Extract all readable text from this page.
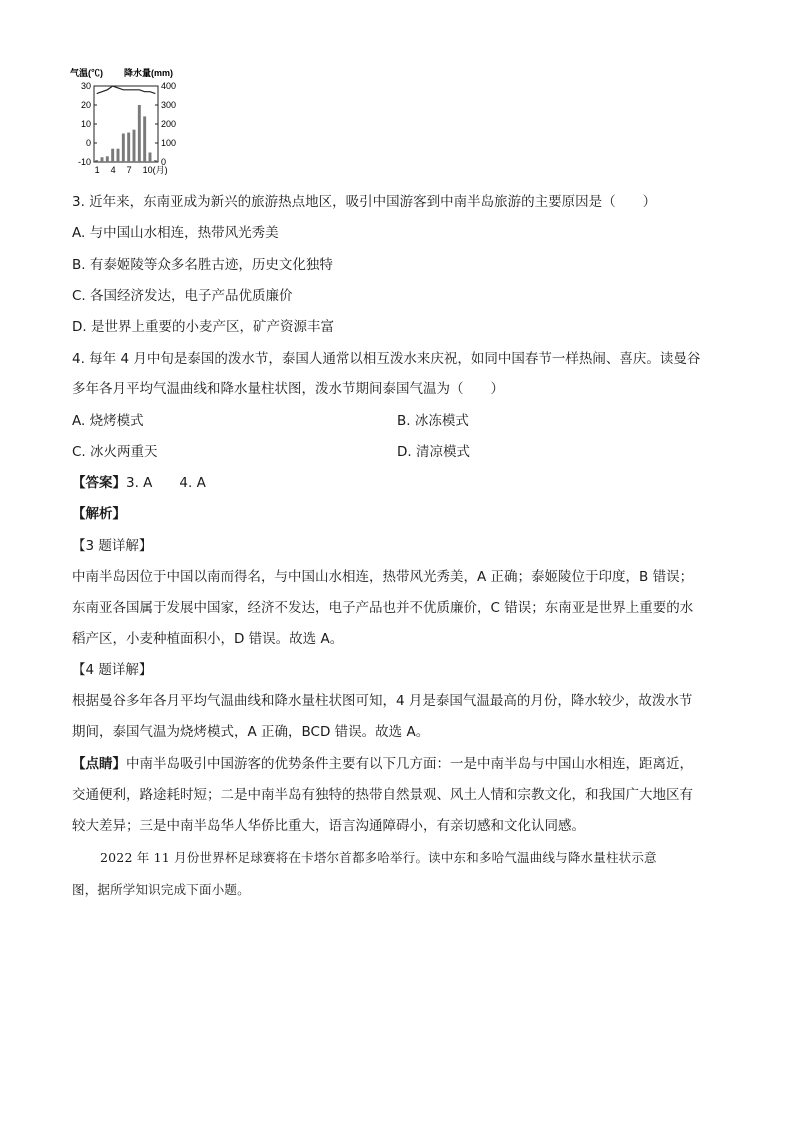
气温(℃) 降水量(mm)
30
20
10
0
-10
400
300
200
100
0
1 4 7 10(月)
3. 近年来，东南亚成为新兴的旅游热点地区，吸引中国游客到中南半岛旅游的主要原因是（　　）
A. 与中国山水相连，热带风光秀美
B. 有泰姬陵等众多名胜古迹，历史文化独特
C. 各国经济发达，电子产品优质廉价
D. 是世界上重要的小麦产区，矿产资源丰富
4. 每年 4 月中旬是泰国的泼水节，泰国人通常以相互泼水来庆祝，如同中国春节一样热闹、喜庆。读曼谷
多年各月平均气温曲线和降水量柱状图，泼水节期间泰国气温为（　　）
A. 烧烤模式	B. 冰冻模式
C. 冰火两重天	D. 清凉模式
【答案】3. A　　4. A
【解析】
【3 题详解】
中南半岛因位于中国以南而得名，与中国山水相连，热带风光秀美，A 正确；泰姬陵位于印度，B 错误；
东南亚各国属于发展中国家，经济不发达，电子产品也并不优质廉价，C 错误；东南亚是世界上重要的水
稻产区，小麦种植面积小，D 错误。故选 A。
【4 题详解】
根据曼谷多年各月平均气温曲线和降水量柱状图可知，4 月是泰国气温最高的月份，降水较少，故泼水节
期间，泰国气温为烧烤模式，A 正确，BCD 错误。故选 A。
【点睛】中南半岛吸引中国游客的优势条件主要有以下几方面：一是中南半岛与中国山水相连，距离近，
交通便利，路途耗时短；二是中南半岛有独特的热带自然景观、风土人情和宗教文化，和我国广大地区有
较大差异；三是中南半岛华人华侨比重大，语言沟通障碍小，有亲切感和文化认同感。
2022 年 11 月份世界杯足球赛将在卡塔尔首都多哈举行。读中东和多哈气温曲线与降水量柱状示意
图，据所学知识完成下面小题。
